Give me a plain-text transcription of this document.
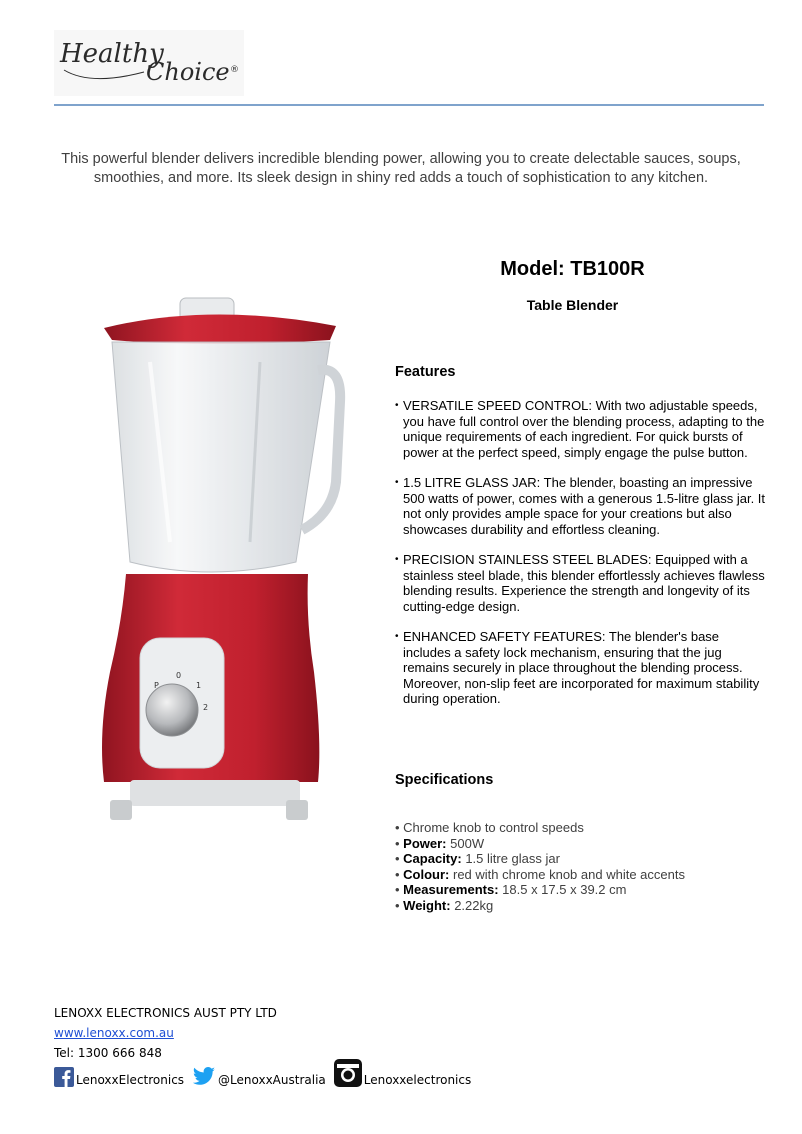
Healthy
Choice ®

This powerful blender delivers incredible blending power, allowing you to create delectable sauces, soups, smoothies, and more. Its sleek design in shiny red adds a touch of sophistication to any kitchen.

0
1
2
P
Model: TB100R
Table Blender
Features
• VERSATILE SPEED CONTROL: With two adjustable speeds, you have full control over the blending process, adapting to the unique requirements of each ingredient. For quick bursts of power at the perfect speed, simply engage the pulse button.
• 1.5 LITRE GLASS JAR: The blender, boasting an impressive 500 watts of power, comes with a generous 1.5-litre glass jar. It not only provides ample space for your creations but also showcases durability and effortless cleaning.
• PRECISION STAINLESS STEEL BLADES: Equipped with a stainless steel blade, this blender effortlessly achieves flawless blending results. Experience the strength and longevity of its cutting-edge design.
• ENHANCED SAFETY FEATURES: The blender's base includes a safety lock mechanism, ensuring that the jug remains securely in place throughout the blending process. Moreover, non-slip feet are incorporated for maximum stability during operation.
Specifications
• Chrome knob to control speeds
• Power: 500W
• Capacity: 1.5 litre glass jar
• Colour: red with chrome knob and white accents
• Measurements: 18.5 x 17.5 x 39.2 cm
• Weight: 2.22kg
LENOXX ELECTRONICS AUST PTY LTD
www.lenoxx.com.au
Tel: 1300 666 848
LenoxxElectronics	@LenoxxAustralia	Lenoxxelectronics
